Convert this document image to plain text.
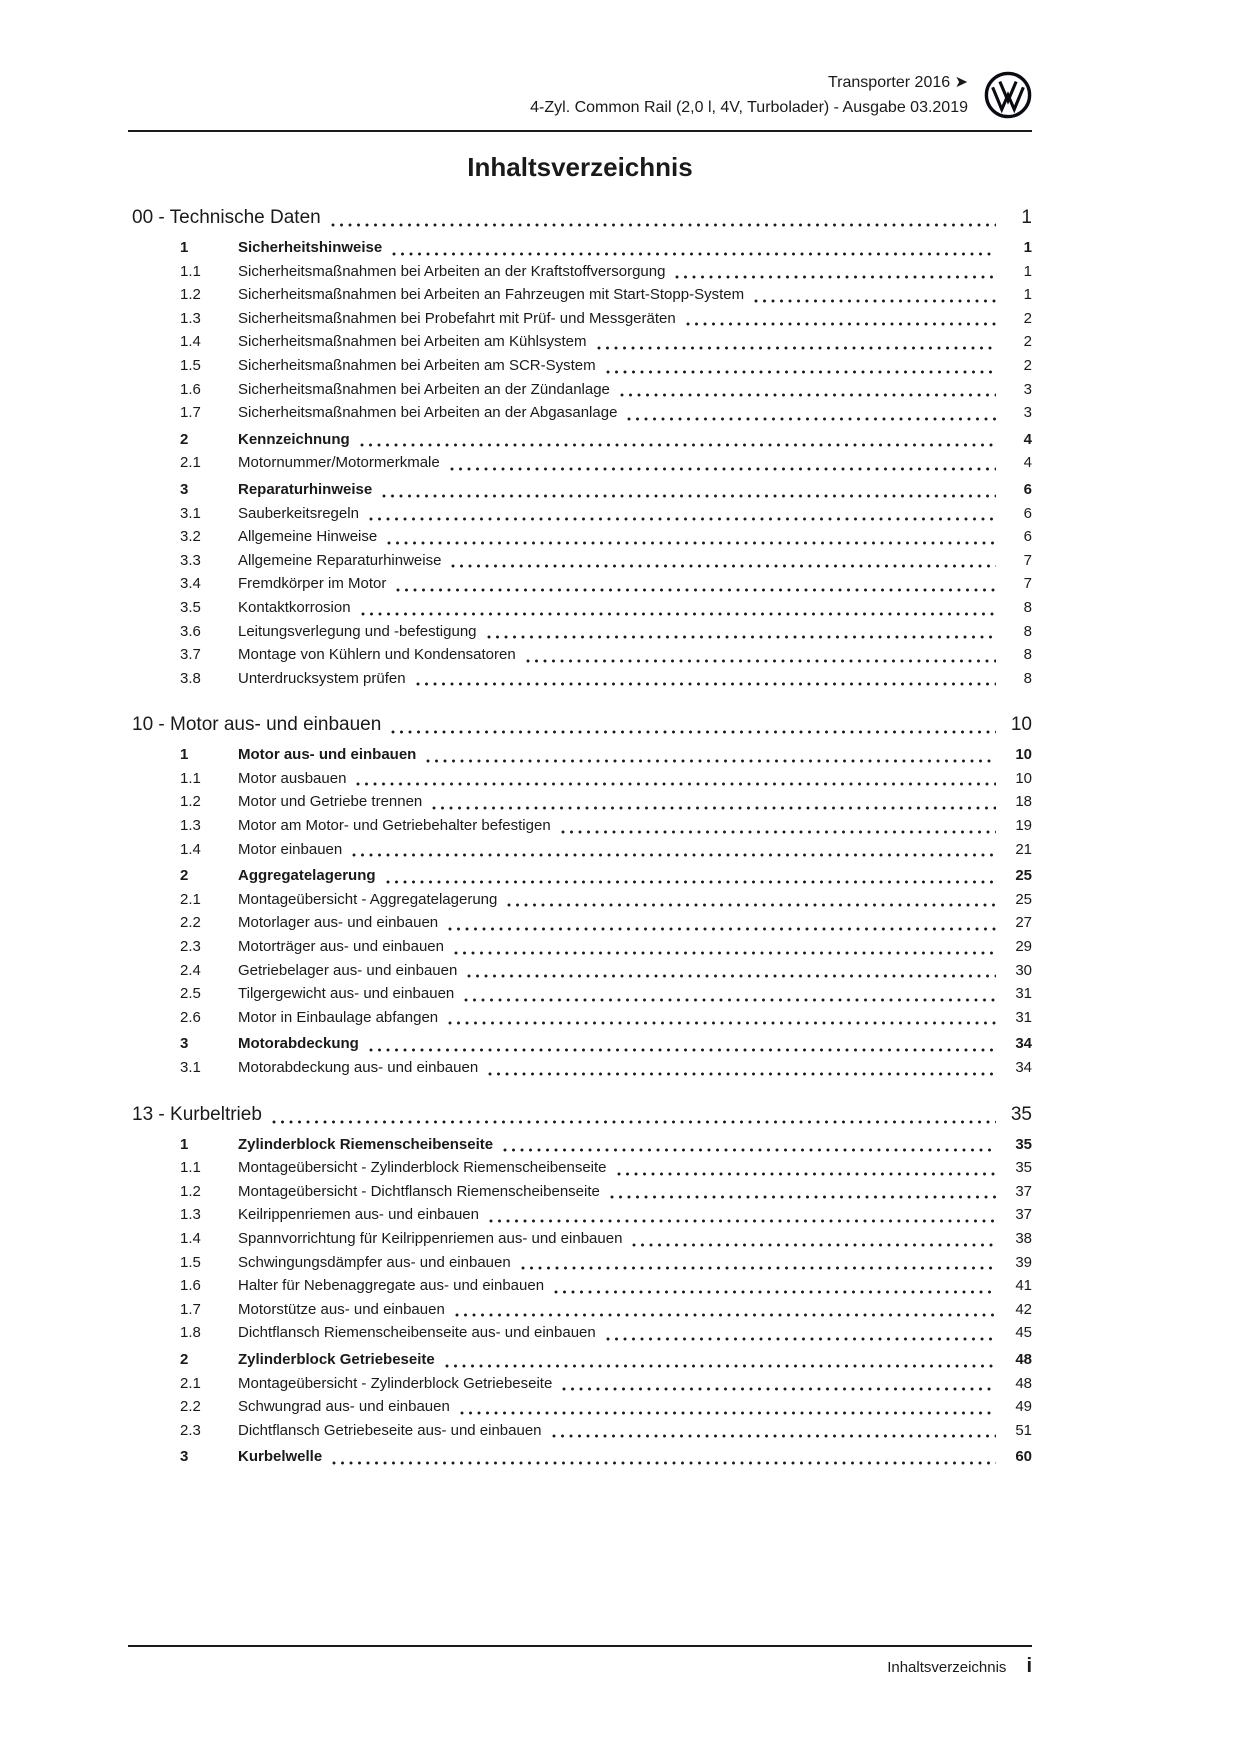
Transporter 2016 ➤
4-Zyl. Common Rail (2,0 l, 4V, Turbolader) - Ausgabe 03.2019
Inhaltsverzeichnis
00 - Technische Daten	1
1	Sicherheitshinweise	1
1.1	Sicherheitsmaßnahmen bei Arbeiten an der Kraftstoffversorgung	1
1.2	Sicherheitsmaßnahmen bei Arbeiten an Fahrzeugen mit Start-Stopp-System	1
1.3	Sicherheitsmaßnahmen bei Probefahrt mit Prüf- und Messgeräten	2
1.4	Sicherheitsmaßnahmen bei Arbeiten am Kühlsystem	2
1.5	Sicherheitsmaßnahmen bei Arbeiten am SCR-System	2
1.6	Sicherheitsmaßnahmen bei Arbeiten an der Zündanlage	3
1.7	Sicherheitsmaßnahmen bei Arbeiten an der Abgasanlage	3
2	Kennzeichnung	4
2.1	Motornummer/Motormerkmale	4
3	Reparaturhinweise	6
3.1	Sauberkeitsregeln	6
3.2	Allgemeine Hinweise	6
3.3	Allgemeine Reparaturhinweise	7
3.4	Fremdkörper im Motor	7
3.5	Kontaktkorrosion	8
3.6	Leitungsverlegung und -befestigung	8
3.7	Montage von Kühlern und Kondensatoren	8
3.8	Unterdrucksystem prüfen	8
10 - Motor aus- und einbauen	10
1	Motor aus- und einbauen	10
1.1	Motor ausbauen	10
1.2	Motor und Getriebe trennen	18
1.3	Motor am Motor- und Getriebehalter befestigen	19
1.4	Motor einbauen	21
2	Aggregatelagerung	25
2.1	Montageübersicht - Aggregatelagerung	25
2.2	Motorlager aus- und einbauen	27
2.3	Motorträger aus- und einbauen	29
2.4	Getriebelager aus- und einbauen	30
2.5	Tilgergewicht aus- und einbauen	31
2.6	Motor in Einbaulage abfangen	31
3	Motorabdeckung	34
3.1	Motorabdeckung aus- und einbauen	34
13 - Kurbeltrieb	35
1	Zylinderblock Riemenscheibenseite	35
1.1	Montageübersicht - Zylinderblock Riemenscheibenseite	35
1.2	Montageübersicht - Dichtflansch Riemenscheibenseite	37
1.3	Keilrippenriemen aus- und einbauen	37
1.4	Spannvorrichtung für Keilrippenriemen aus- und einbauen	38
1.5	Schwingungsdämpfer aus- und einbauen	39
1.6	Halter für Nebenaggregate aus- und einbauen	41
1.7	Motorstütze aus- und einbauen	42
1.8	Dichtflansch Riemenscheibenseite aus- und einbauen	45
2	Zylinderblock Getriebeseite	48
2.1	Montageübersicht - Zylinderblock Getriebeseite	48
2.2	Schwungrad aus- und einbauen	49
2.3	Dichtflansch Getriebeseite aus- und einbauen	51
3	Kurbelwelle	60
Inhaltsverzeichnis i
